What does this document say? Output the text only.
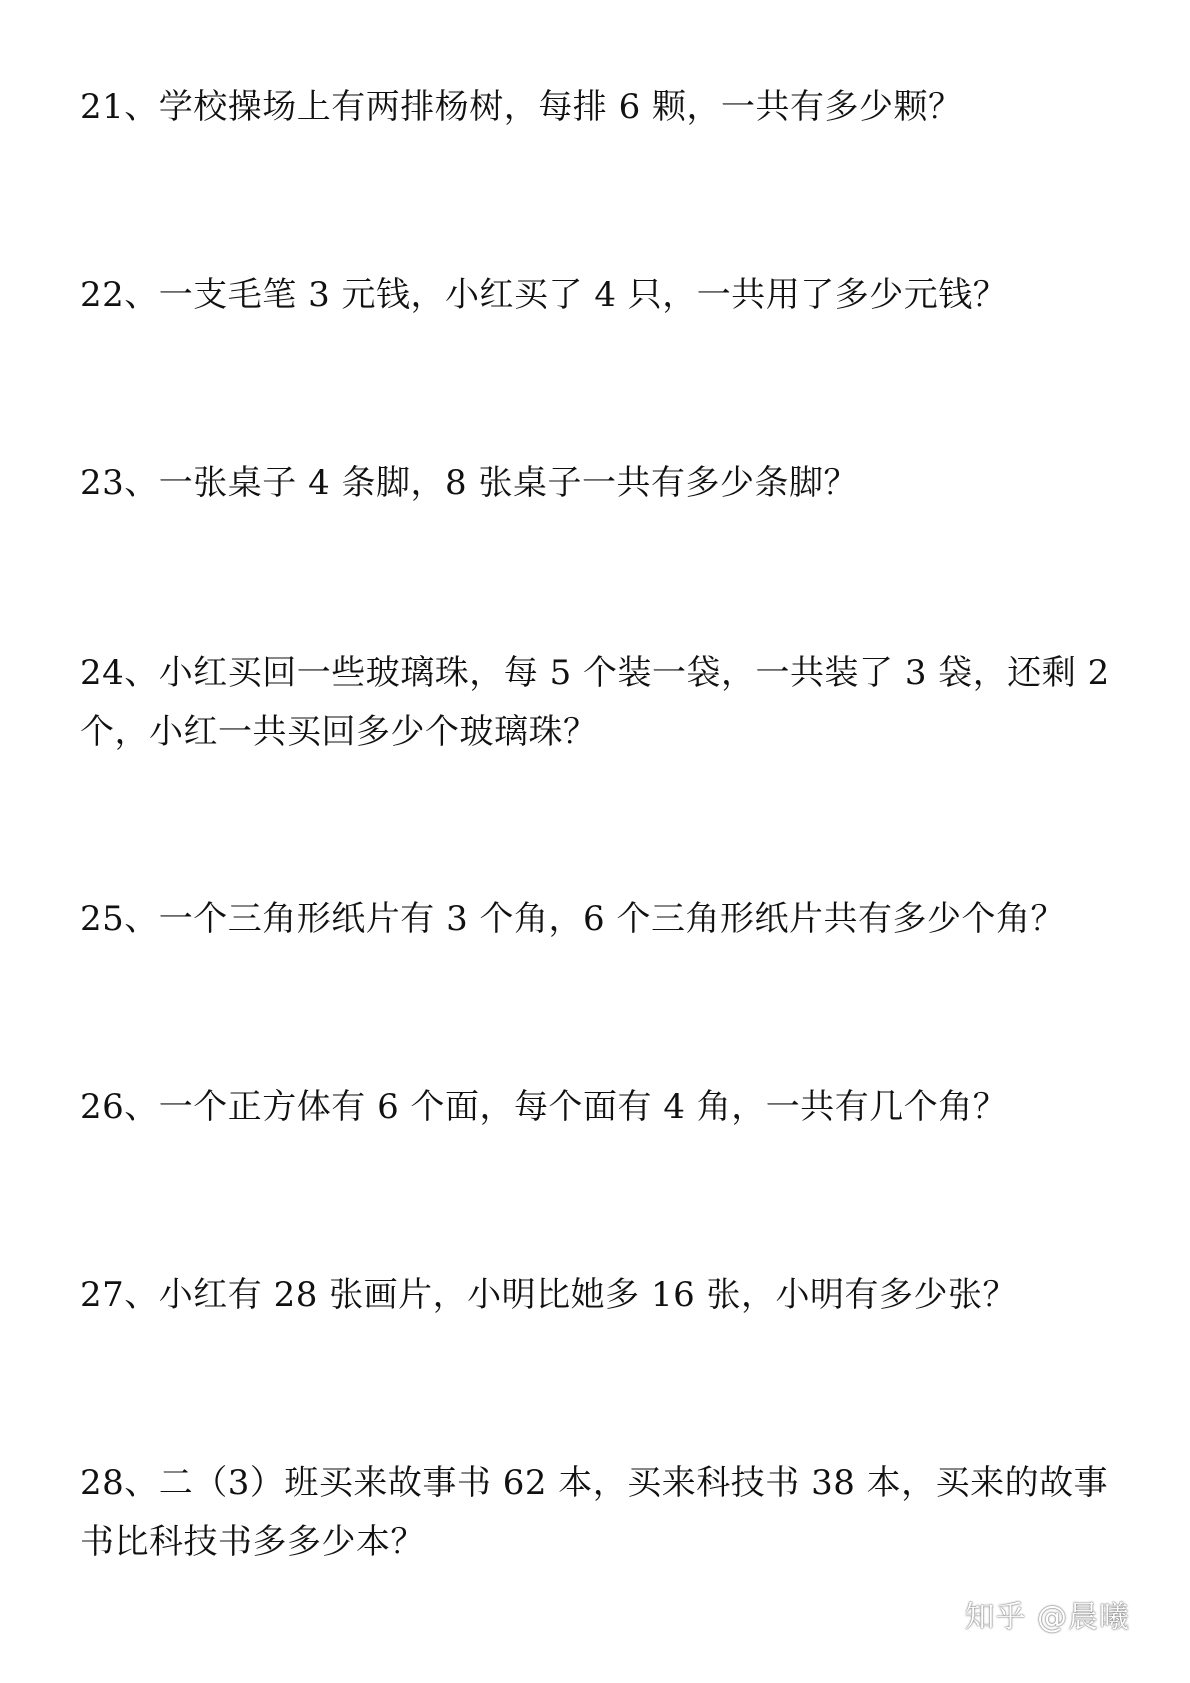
21、学校操场上有两排杨树，每排 6 颗，一共有多少颗？
22、一支毛笔 3 元钱，小红买了 4 只，一共用了多少元钱？
23、一张桌子 4 条脚，8 张桌子一共有多少条脚？
24、小红买回一些玻璃珠，每 5 个装一袋，一共装了 3 袋，还剩 2
个，小红一共买回多少个玻璃珠？
25、一个三角形纸片有 3 个角，6 个三角形纸片共有多少个角？
26、一个正方体有 6 个面，每个面有 4 角，一共有几个角？
27、小红有 28 张画片，小明比她多 16 张，小明有多少张？
28、二（3）班买来故事书 62 本，买来科技书 38 本，买来的故事
书比科技书多多少本？
知乎 @晨曦
